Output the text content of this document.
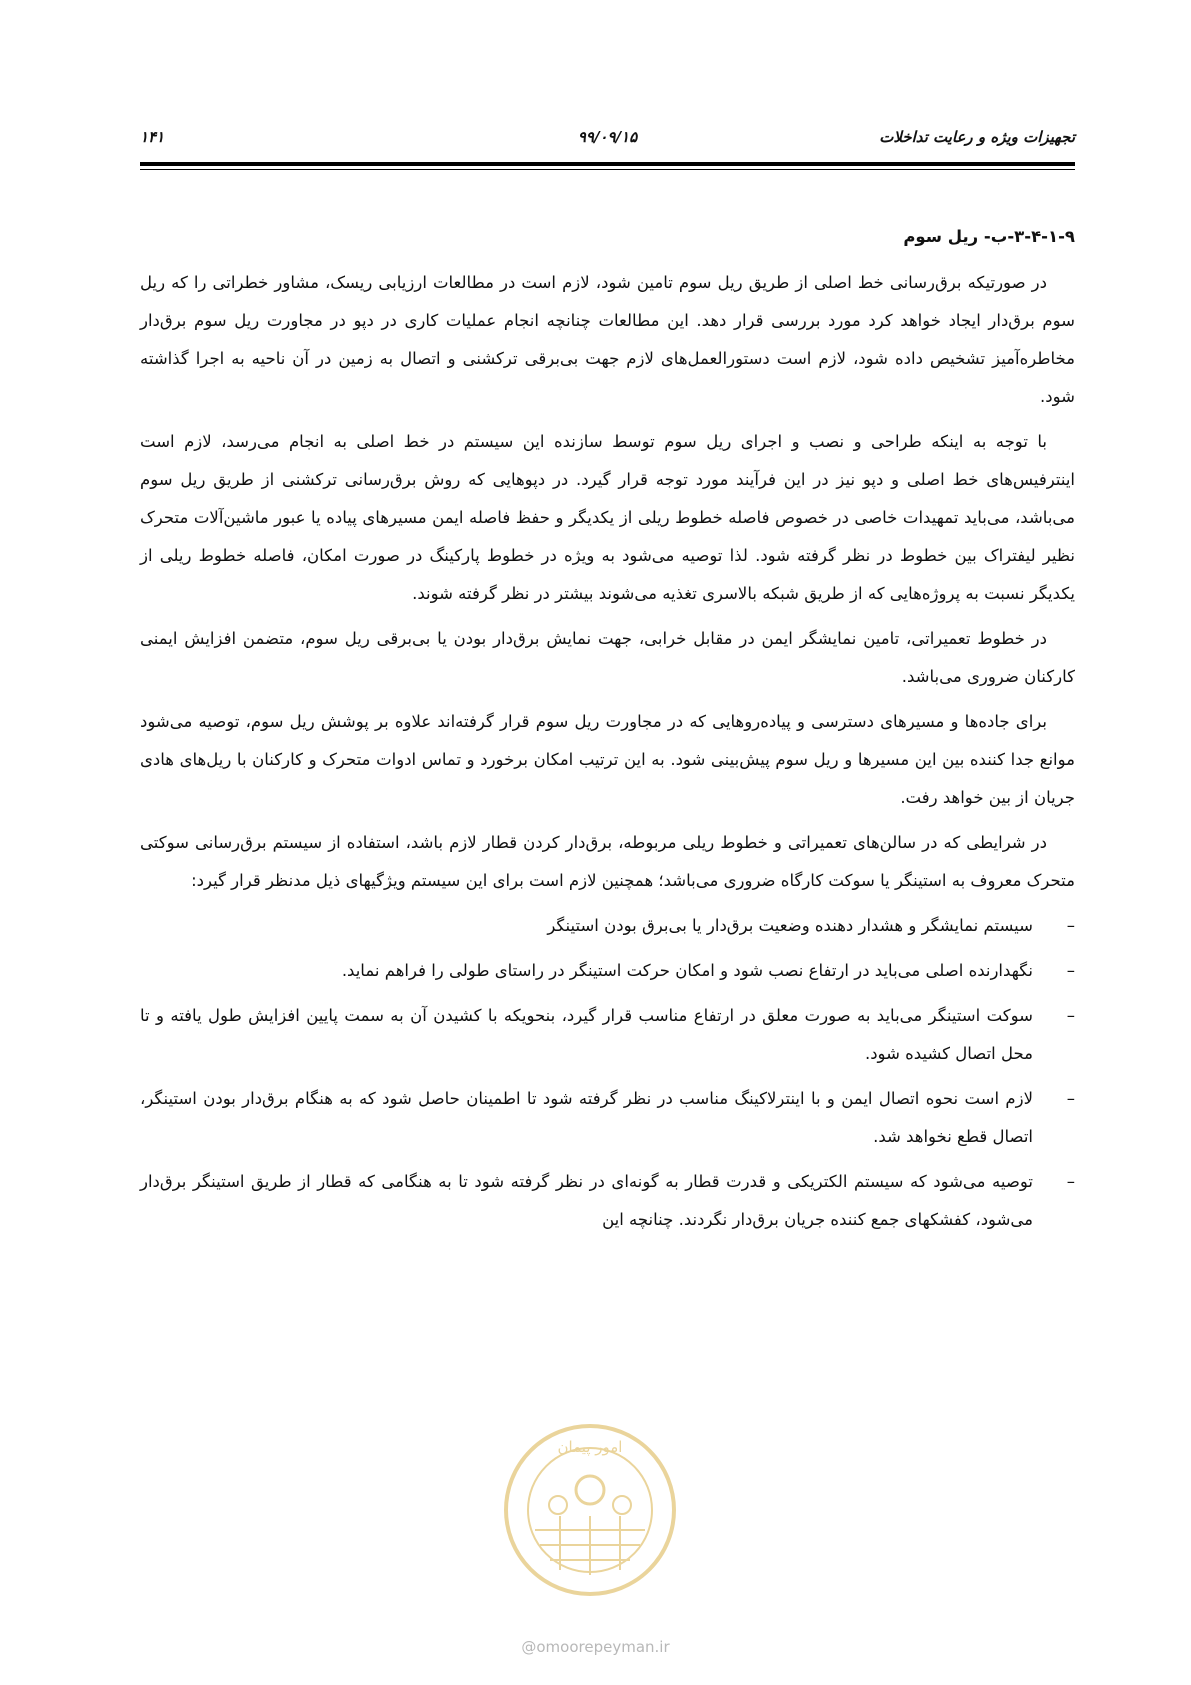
تجهیزات ویژه و رعایت تداخلات
۹۹/۰۹/۱۵
۱۴۱
۳-۴-۱-۹-ب- ریل سوم

در صورتیکه برق‌رسانی خط اصلی از طریق ریل سوم تامین شود، لازم است در مطالعات ارزیابی ریسک، مشاور خطراتی را که ریل سوم برق‌دار ایجاد خواهد کرد مورد بررسی قرار دهد. این مطالعات چنانچه انجام عملیات کاری در دپو در مجاورت ریل سوم برق‌دار مخاطره‌آمیز تشخیص داده شود، لازم است دستورالعمل‌های لازم جهت بی‌برقی ترکشنی و اتصال به زمین در آن ناحیه به اجرا گذاشته شود.

با توجه به اینکه طراحی و نصب و اجرای ریل سوم توسط سازنده این سیستم در خط اصلی به انجام می‌رسد، لازم است اینترفیس‌های خط اصلی و دپو نیز در این فرآیند مورد توجه قرار گیرد. در دپوهایی که روش برق‌رسانی ترکشنی از طریق ریل سوم می‌باشد، می‌باید تمهیدات خاصی در خصوص فاصله خطوط ریلی از یکدیگر و حفظ فاصله ایمن مسیرهای پیاده یا عبور ماشین‌آلات متحرک نظیر لیفتراک بین خطوط در نظر گرفته شود. لذا توصیه می‌شود به ویژه در خطوط پارکینگ در صورت امکان، فاصله خطوط ریلی از یکدیگر نسبت به پروژه‌هایی که از طریق شبکه بالاسری تغذیه می‌شوند بیشتر در نظر گرفته شوند.

در خطوط تعمیراتی، تامین نمایشگر ایمن در مقابل خرابی، جهت نمایش برق‌دار بودن یا بی‌برقی ریل سوم، متضمن افزایش ایمنی کارکنان ضروری می‌باشد.

برای جاده‌ها و مسیرهای دسترسی و پیاده‌روهایی که در مجاورت ریل سوم قرار گرفته‌اند علاوه بر پوشش ریل سوم، توصیه می‌شود موانع جدا کننده بین این مسیرها و ریل سوم پیش‌بینی شود. به این ترتیب امکان برخورد و تماس ادوات متحرک و کارکنان با ریل‌های هادی جریان از بین خواهد رفت.

در شرایطی که در سالن‌های تعمیراتی و خطوط ریلی مربوطه، برق‌دار کردن قطار لازم باشد، استفاده از سیستم برق‌رسانی سوکتی متحرک معروف به استینگر یا سوکت کارگاه ضروری می‌باشد؛ همچنین لازم است برای این سیستم ویژگیهای ذیل مدنظر قرار گیرد:

–
سیستم نمایشگر و هشدار دهنده وضعیت برق‌دار یا بی‌برق بودن استینگر
–
نگهدارنده اصلی می‌باید در ارتفاع نصب شود و امکان حرکت استینگر در راستای طولی را فراهم نماید.
–
سوکت استینگر می‌باید به صورت معلق در ارتفاع مناسب قرار گیرد، بنحویکه با کشیدن آن به سمت پایین افزایش طول یافته و تا محل اتصال کشیده شود.
–
لازم است نحوه اتصال ایمن و با اینترلاکینگ مناسب در نظر گرفته شود تا اطمینان حاصل شود که به هنگام برق‌دار بودن استینگر، اتصال قطع نخواهد شد.
–
توصیه می‌شود که سیستم الکتریکی و قدرت قطار به گونه‌ای در نظر گرفته شود تا به هنگامی که قطار از طریق استینگر برق‌دار می‌شود، کفشکهای جمع کننده جریان برق‌دار نگردند. چنانچه این
امور پیمان
@omoorepeyman.ir
